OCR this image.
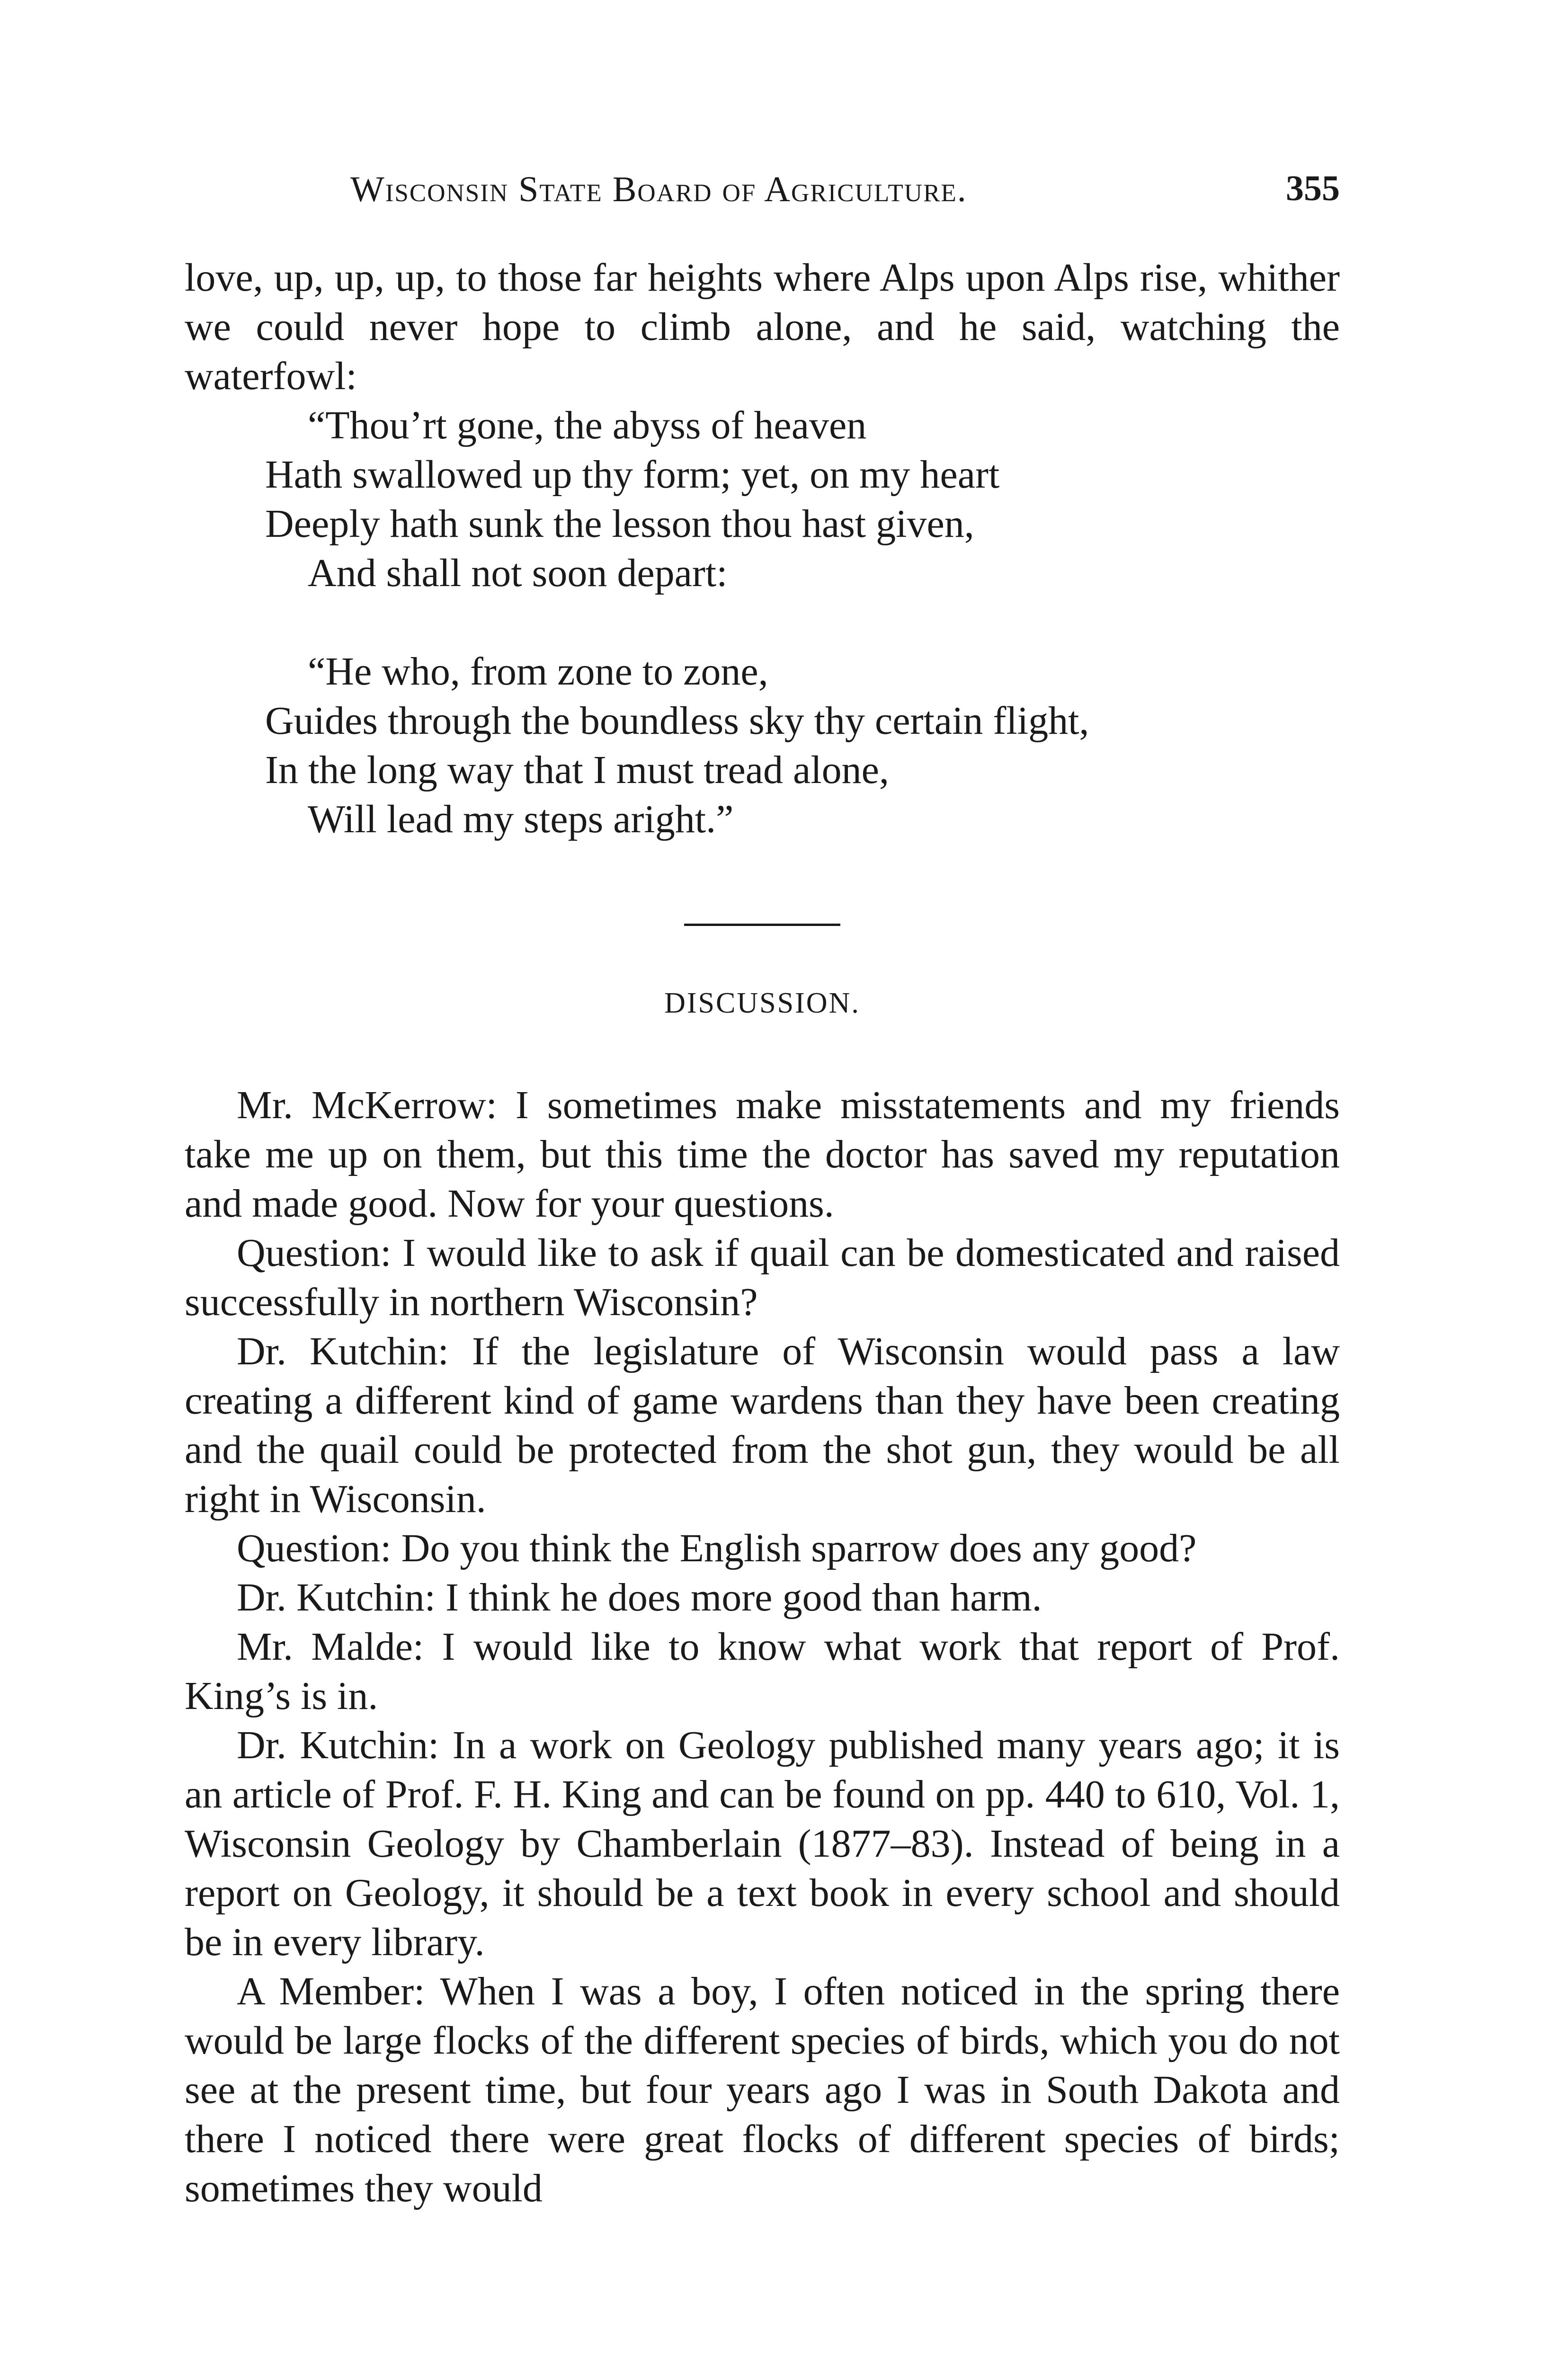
Wisconsin State Board of Agriculture.	355

love, up, up, up, to those far heights where Alps upon Alps rise, whither we could never hope to climb alone, and he said, watching the waterfowl:

“Thou’rt gone, the abyss of heaven
Hath swallowed up thy form; yet, on my heart
Deeply hath sunk the lesson thou hast given,
And shall not soon depart:
“He who, from zone to zone,
Guides through the boundless sky thy certain flight,
In the long way that I must tread alone,
Will lead my steps aright.”
DISCUSSION.

Mr. McKerrow: I sometimes make misstatements and my friends take me up on them, but this time the doctor has saved my reputation and made good. Now for your questions.

Question: I would like to ask if quail can be domesticated and raised successfully in northern Wisconsin?

Dr. Kutchin: If the legislature of Wisconsin would pass a law creating a different kind of game wardens than they have been creating and the quail could be protected from the shot gun, they would be all right in Wisconsin.

Question: Do you think the English sparrow does any good?

Dr. Kutchin: I think he does more good than harm.

Mr. Malde: I would like to know what work that report of Prof. King’s is in.

Dr. Kutchin: In a work on Geology published many years ago; it is an article of Prof. F. H. King and can be found on pp. 440 to 610, Vol. 1, Wisconsin Geology by Chamberlain (1877–83). Instead of being in a report on Geology, it should be a text book in every school and should be in every library.

A Member: When I was a boy, I often noticed in the spring there would be large flocks of the different species of birds, which you do not see at the present time, but four years ago I was in South Dakota and there I noticed there were great flocks of different species of birds; sometimes they would
